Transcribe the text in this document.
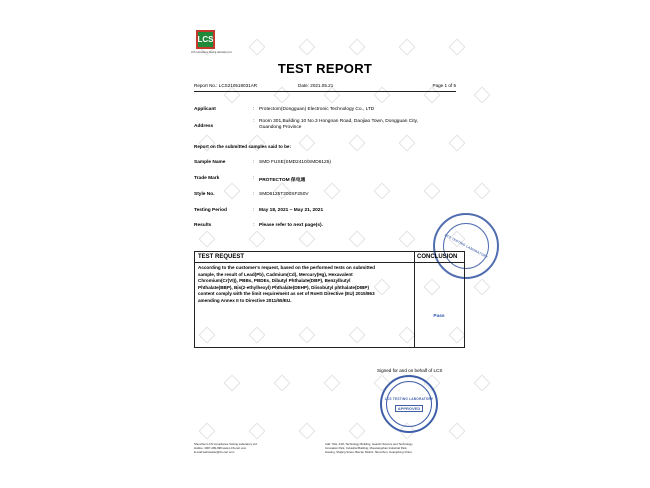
LCS
LCS Compliance Testing Laboratory Ltd
TEST REPORT
Report No.: LCS210518031AR	Date: 2021.05.21	Page 1 of 5
Applicant	: Protectom(Dongguan) Electronic Technology Co., LTD
Address
: Room 301,Building 10 No.3 Hongnan Road, Daojiao Town, Dongguan City,
Guandong Province
Report on the submitted samples said to be:
Sample Name	: SMD FUSE(SMD2410/SMD6125)
Trade Mark	: PROTECTOM 保电通
Style No.	: SMD6125T200SF250V
Testing Period	: May 18, 2021 ~ May 21, 2021
Results	: Please refer to next page(s).
LCS TESTING LABORATORY
TEST REQUEST	CONCLUSION

According to the customer's request, based on the performed tests on submitted

sample, the result of Lead(Pb), Cadmium(Cd), Mercury(Hg), Hexavalent

Chromium(Cr(VI)), PBBs, PBDEs, Dibutyl Phthalate(DBP), Benzylbutyl

Phthalate(BBP), Bis(2-ethylhexyl) Phthalate(DEHP), Diisobutyl phthalate(DIBP)

content comply with the limit requirement as set of RoHS Directive (EU) 2015/863

amending Annex II to Directive 2011/65/EU.

Pass
Signed for and on behalf of LCS
LCS TESTING LABORATORY
APPROVED
Shenzhen LCS Compliance Testing Laboratory Ltd.
Hotline: 4007-499-998 www.LCS-cert.com
E-mail:webmaster@lcs-cert.com
Add: 7&G, 23/F, Technology Building, Guanlin Science and Technology
Innovation Park, Industrial Building, Mouxiangshan Industrial Park,
Houting, Shajing Street, Bao'an District, Shenzhen, Guangdong China
